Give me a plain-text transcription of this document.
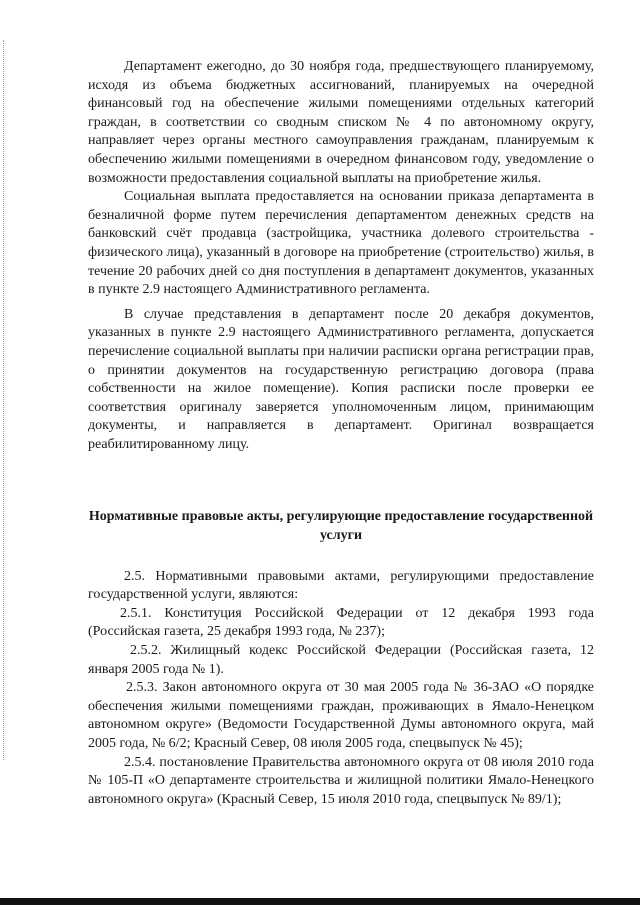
Департамент ежегодно, до 30 ноября года, предшествующего планируемому, исходя из объема бюджетных ассигнований, планируемых на очередной финансовый год на обеспечение жилыми помещениями отдельных категорий граждан, в соответствии со сводным списком № 4 по автономному округу, направляет через органы местного самоуправления гражданам, планируемым к обеспечению жилыми помещениями в очередном финансовом году, уведомление о возможности предоставления социальной выплаты на приобретение жилья.

Социальная выплата предоставляется на основании приказа департамента в безналичной форме путем перечисления департаментом денежных средств на банковский счёт продавца (застройщика, участника долевого строительства - физического лица), указанный в договоре на приобретение (строительство) жилья, в течение 20 рабочих дней со дня поступления в департамент документов, указанных в пункте 2.9 настоящего Административного регламента.

В случае представления в департамент после 20 декабря документов, указанных в пункте 2.9 настоящего Административного регламента, допускается перечисление социальной выплаты при наличии расписки органа регистрации прав, о принятии документов на государственную регистрацию договора (права собственности на жилое помещение). Копия расписки после проверки ее соответствия оригиналу заверяется уполномоченным лицом, принимающим документы, и направляется в департамент. Оригинал возвращается реабилитированному лицу.

Нормативные правовые акты, регулирующие предоставление государственной услуги

2.5. Нормативными правовыми актами, регулирующими предоставление государственной услуги, являются:

2.5.1. Конституция Российской Федерации от 12 декабря 1993 года (Российская газета, 25 декабря 1993 года, № 237);

2.5.2. Жилищный кодекс Российской Федерации (Российская газета, 12 января 2005 года № 1).

2.5.3. Закон автономного округа от 30 мая 2005 года № 36-ЗАО «О порядке обеспечения жилыми помещениями граждан, проживающих в Ямало-Ненецком автономном округе» (Ведомости Государственной Думы автономного округа, май 2005 года, № 6/2; Красный Север, 08 июля 2005 года, спецвыпуск № 45);

2.5.4. постановление Правительства автономного округа от 08 июля 2010 года № 105-П «О департаменте строительства и жилищной политики Ямало-Ненецкого автономного округа» (Красный Север, 15 июля 2010 года, спецвыпуск № 89/1);
